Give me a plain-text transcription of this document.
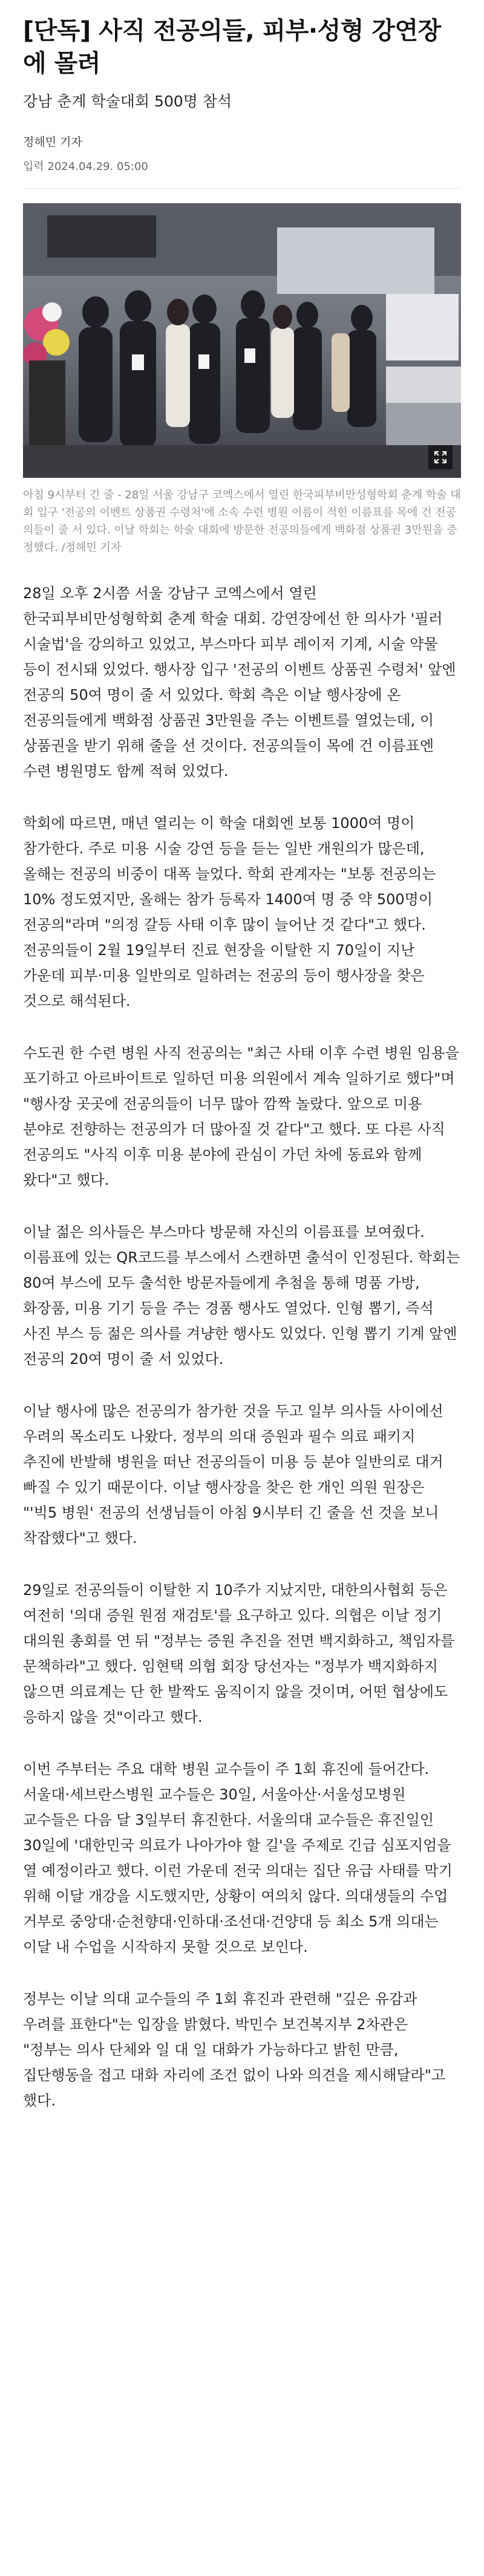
[단독] 사직 전공의들, 피부·성형 강연장에 몰려
강남 춘계 학술대회 500명 참석
정해민 기자
입력 2024.04.29. 05:00
아침 9시부터 긴 줄 - 28일 서울 강남구 코엑스에서 열린 한국피부비만성형학회 춘계 학술 대회 입구 '전공의 이벤트 상품권 수령처'에 소속 수련 병원 이름이 적힌 이름표를 목에 건 전공의들이 줄 서 있다. 이날 학회는 학술 대회에 방문한 전공의들에게 백화점 상품권 3만원을 증정했다. /정해민 기자

28일 오후 2시쯤 서울 강남구 코엑스에서 열린 한국피부비만성형학회 춘계 학술 대회. 강연장에선 한 의사가 '필러 시술법'을 강의하고 있었고, 부스마다 피부 레이저 기계, 시술 약물 등이 전시돼 있었다. 행사장 입구 '전공의 이벤트 상품권 수령처' 앞엔 전공의 50여 명이 줄 서 있었다. 학회 측은 이날 행사장에 온 전공의들에게 백화점 상품권 3만원을 주는 이벤트를 열었는데, 이 상품권을 받기 위해 줄을 선 것이다. 전공의들이 목에 건 이름표엔 수련 병원명도 함께 적혀 있었다.

학회에 따르면, 매년 열리는 이 학술 대회엔 보통 1000여 명이 참가한다. 주로 미용 시술 강연 등을 듣는 일반 개원의가 많은데, 올해는 전공의 비중이 대폭 늘었다. 학회 관계자는 "보통 전공의는 10% 정도였지만, 올해는 참가 등록자 1400여 명 중 약 500명이 전공의"라며 "의정 갈등 사태 이후 많이 늘어난 것 같다"고 했다. 전공의들이 2월 19일부터 진료 현장을 이탈한 지 70일이 지난 가운데 피부·미용 일반의로 일하려는 전공의 등이 행사장을 찾은 것으로 해석된다.

수도권 한 수련 병원 사직 전공의는 "최근 사태 이후 수련 병원 임용을 포기하고 아르바이트로 일하던 미용 의원에서 계속 일하기로 했다"며 "행사장 곳곳에 전공의들이 너무 많아 깜짝 놀랐다. 앞으로 미용 분야로 전향하는 전공의가 더 많아질 것 같다"고 했다. 또 다른 사직 전공의도 "사직 이후 미용 분야에 관심이 가던 차에 동료와 함께 왔다"고 했다.

이날 젊은 의사들은 부스마다 방문해 자신의 이름표를 보여줬다. 이름표에 있는 QR코드를 부스에서 스캔하면 출석이 인정된다. 학회는 80여 부스에 모두 출석한 방문자들에게 추첨을 통해 명품 가방, 화장품, 미용 기기 등을 주는 경품 행사도 열었다. 인형 뽑기, 즉석 사진 부스 등 젊은 의사를 겨냥한 행사도 있었다. 인형 뽑기 기계 앞엔 전공의 20여 명이 줄 서 있었다.

이날 행사에 많은 전공의가 참가한 것을 두고 일부 의사들 사이에선 우려의 목소리도 나왔다. 정부의 의대 증원과 필수 의료 패키지 추진에 반발해 병원을 떠난 전공의들이 미용 등 분야 일반의로 대거 빠질 수 있기 때문이다. 이날 행사장을 찾은 한 개인 의원 원장은 "'빅5 병원' 전공의 선생님들이 아침 9시부터 긴 줄을 선 것을 보니 착잡했다"고 했다.

29일로 전공의들이 이탈한 지 10주가 지났지만, 대한의사협회 등은 여전히 '의대 증원 원점 재검토'를 요구하고 있다. 의협은 이날 정기 대의원 총회를 연 뒤 "정부는 증원 추진을 전면 백지화하고, 책임자를 문책하라"고 했다. 임현택 의협 회장 당선자는 "정부가 백지화하지 않으면 의료계는 단 한 발짝도 움직이지 않을 것이며, 어떤 협상에도 응하지 않을 것"이라고 했다.

이번 주부터는 주요 대학 병원 교수들이 주 1회 휴진에 들어간다. 서울대·세브란스병원 교수들은 30일, 서울아산·서울성모병원 교수들은 다음 달 3일부터 휴진한다. 서울의대 교수들은 휴진일인 30일에 '대한민국 의료가 나아가야 할 길'을 주제로 긴급 심포지엄을 열 예정이라고 했다. 이런 가운데 전국 의대는 집단 유급 사태를 막기 위해 이달 개강을 시도했지만, 상황이 여의치 않다. 의대생들의 수업 거부로 중앙대·순천향대·인하대·조선대·건양대 등 최소 5개 의대는 이달 내 수업을 시작하지 못할 것으로 보인다.

정부는 이날 의대 교수들의 주 1회 휴진과 관련해 "깊은 유감과 우려를 표한다"는 입장을 밝혔다. 박민수 보건복지부 2차관은 "정부는 의사 단체와 일 대 일 대화가 가능하다고 밝힌 만큼, 집단행동을 접고 대화 자리에 조건 없이 나와 의견을 제시해달라"고 했다.
